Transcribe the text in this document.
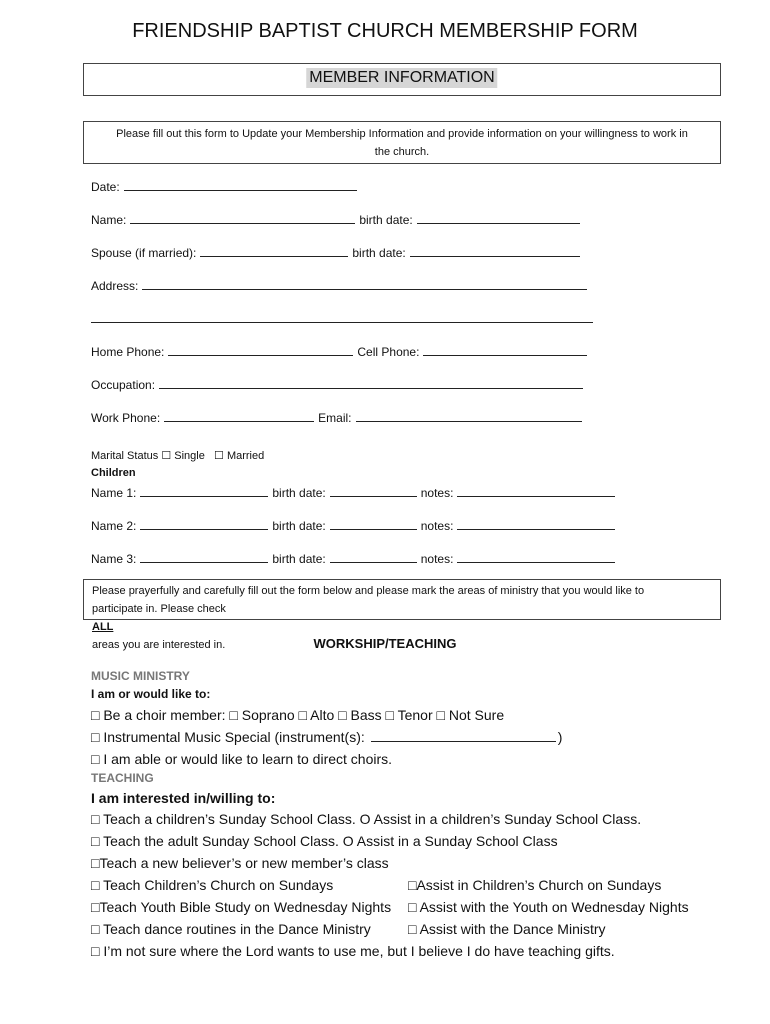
FRIENDSHIP BAPTIST CHURCH MEMBERSHIP FORM
MEMBER INFORMATION
Please fill out this form to Update your Membership Information and provide information on your willingness to work in
the church.
Date:
Name:	birth date:
Spouse (if married):	birth date:
Address:
Home Phone:	Cell Phone:
Occupation:
Work Phone:	Email:
Marital Status ☐ Single ☐ Married
Children
Name 1:	birth date:	notes:
Name 2:	birth date:	notes:
Name 3:	birth date:	notes:
Please prayerfully and carefully fill out the form below and please mark the areas of ministry that you would like to
participate in. Please check
ALL
areas you are interested in.	WORKSHIP/TEACHING
MUSIC MINISTRY
I am or would like to:
□ Be a choir member: □ Soprano □ Alto □ Bass □ Tenor □ Not Sure
□ Instrumental Music Special (instrument(s):	)
□ I am able or would like to learn to direct choirs.
TEACHING
I am interested in/willing to:
□ Teach a children’s Sunday School Class. O Assist in a children’s Sunday School Class.
□ Teach the adult Sunday School Class. O Assist in a Sunday School Class
□Teach a new believer’s or new member’s class
□ Teach Children’s Church on Sundays	□Assist in Children’s Church on Sundays
□Teach Youth Bible Study on Wednesday Nights □ Assist with the Youth on Wednesday Nights
□ Teach dance routines in the Dance Ministry	□ Assist with the Dance Ministry
□ I’m not sure where the Lord wants to use me, but I believe I do have teaching gifts.
